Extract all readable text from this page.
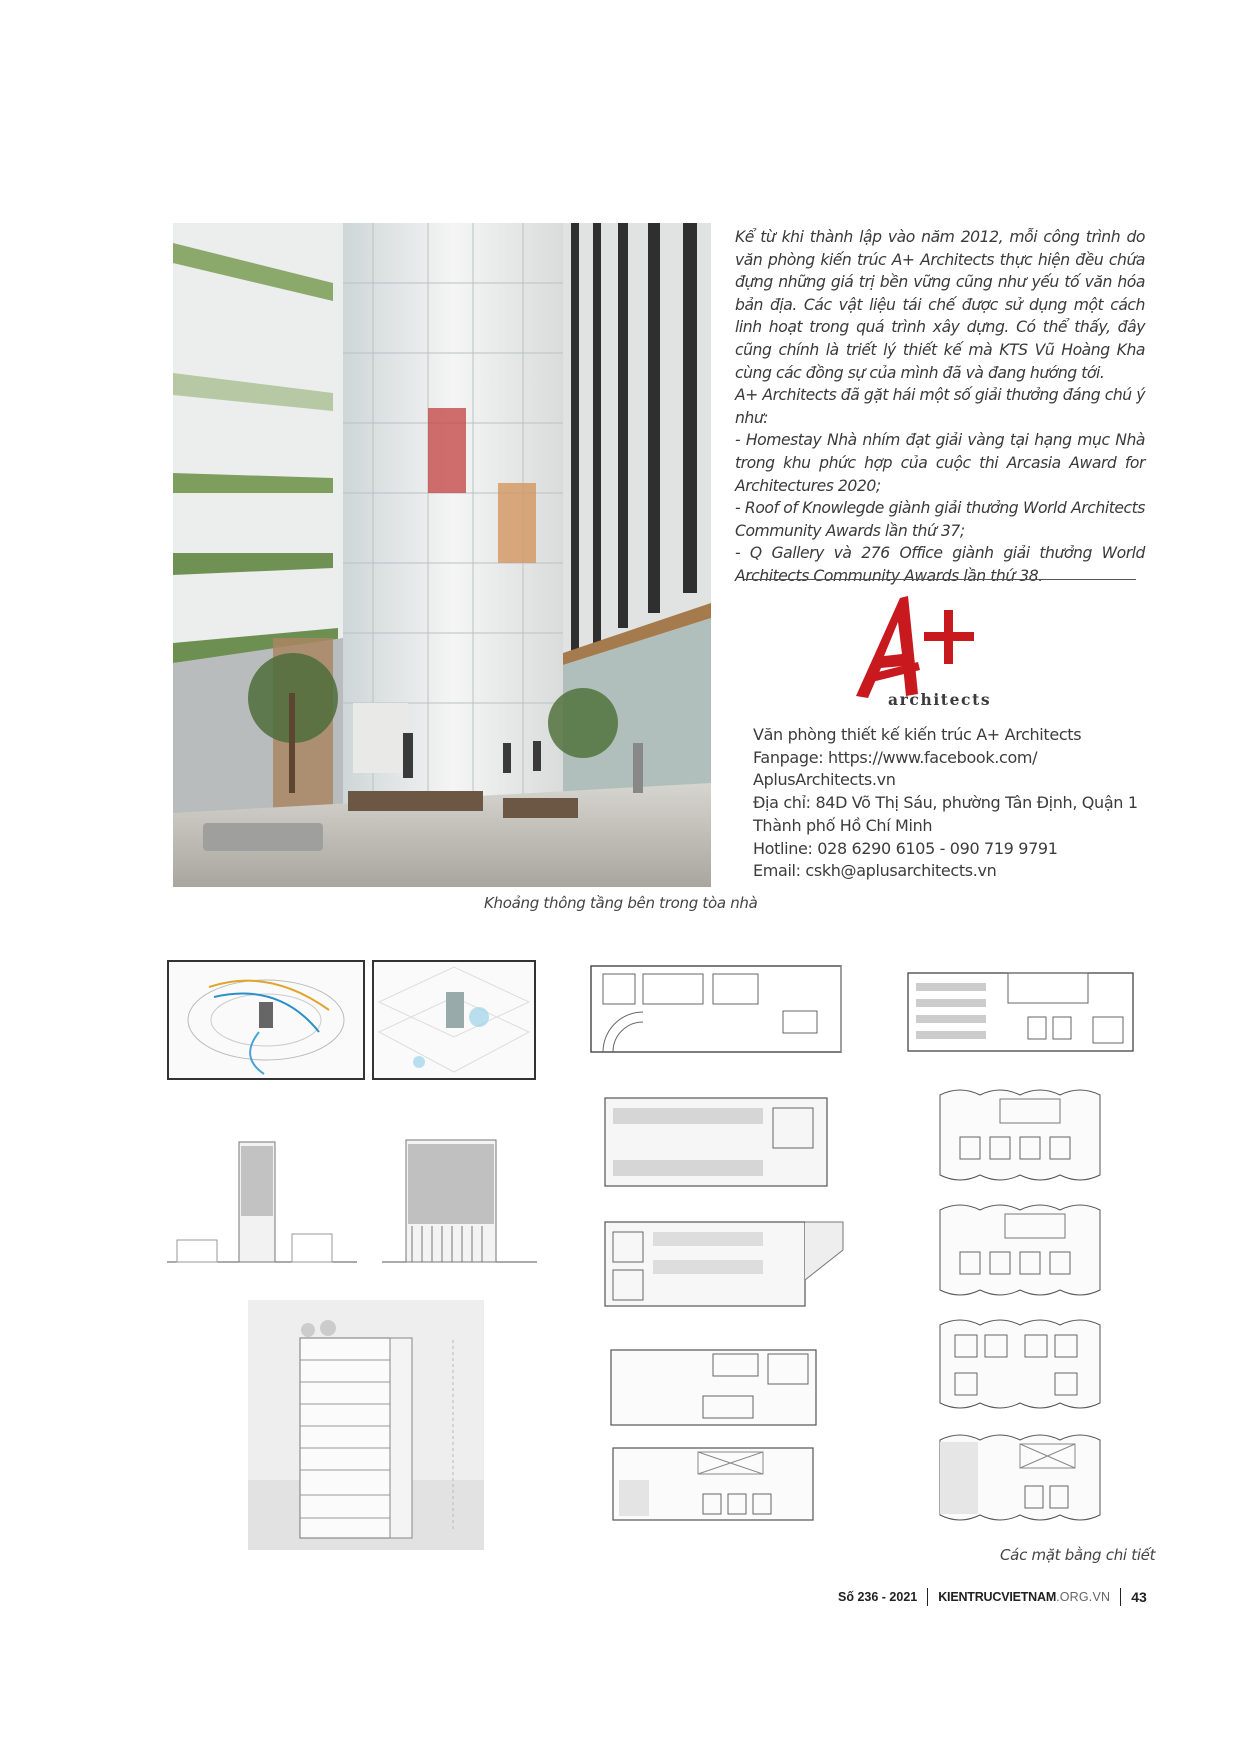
Khoảng thông tầng bên trong tòa nhà

Kể từ khi thành lập vào năm 2012, mỗi công trình do văn phòng kiến trúc A+ Architects thực hiện đều chứa đựng những giá trị bền vững cũng như yếu tố văn hóa bản địa. Các vật liệu tái chế được sử dụng một cách linh hoạt trong quá trình xây dựng. Có thể thấy, đây cũng chính là triết lý thiết kế mà KTS Vũ Hoàng Kha cùng các đồng sự của mình đã và đang hướng tới.

A+ Architects đã gặt hái một số giải thưởng đáng chú ý như:

- Homestay Nhà nhím đạt giải vàng tại hạng mục Nhà trong khu phức hợp của cuộc thi Arcasia Award for Architectures 2020;

- Roof of Knowlegde giành giải thưởng World Architects Community Awards lần thứ 37;

- Q Gallery và 276 Office giành giải thưởng World Architects Community Awards lần thứ 38.

A+
architects
Văn phòng thiết kế kiến trúc A+ Architects
Fanpage: https://www.facebook.com/
AplusArchitects.vn
Địa chỉ: 84D Võ Thị Sáu, phường Tân Định, Quận 1
Thành phố Hồ Chí Minh
Hotline: 028 6290 6105 - 090 719 9791
Email: cskh@aplusarchitects.vn
Các mặt bằng chi tiết
Số 236 - 2021 KIENTRUCVIETNAM .ORG.VN 43
